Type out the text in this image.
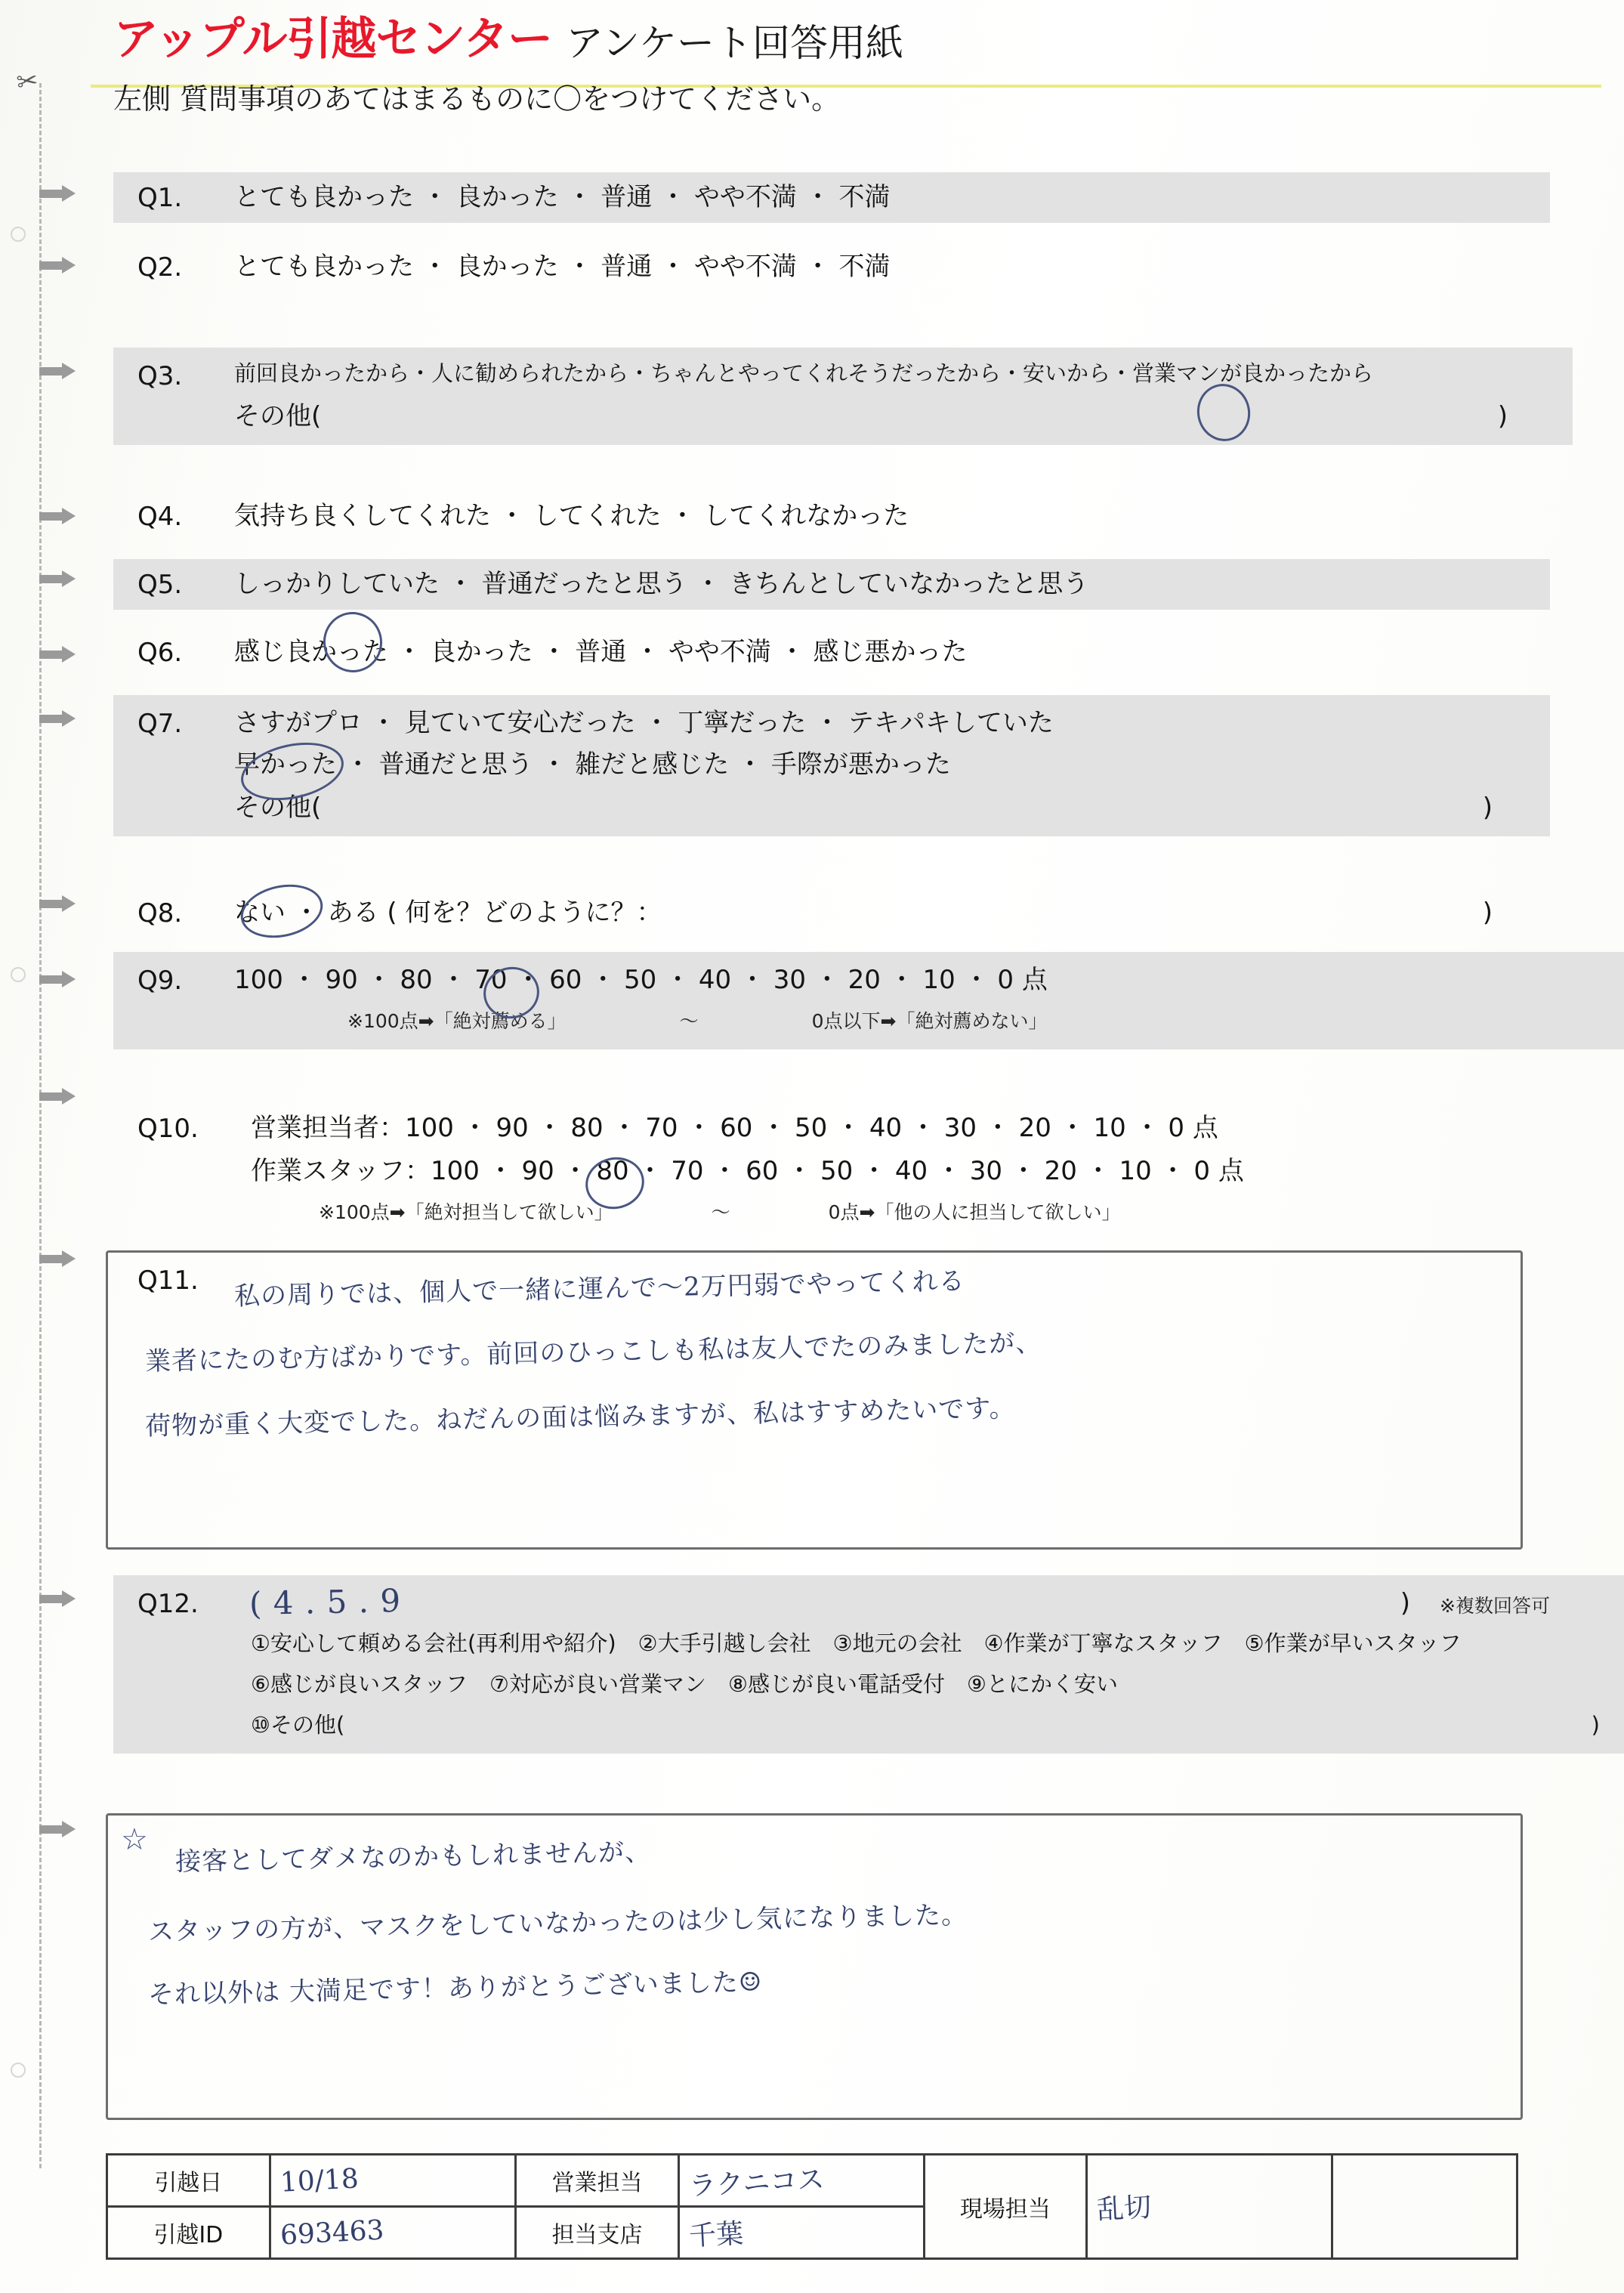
✂
アップル引越センター アンケート回答用紙
左側 質問事項のあてはまるものに〇をつけてください。
Q1.	とても良かった ・ 良かった ・ 普通 ・ やや不満 ・ 不満
Q2.	とても良かった ・ 良かった ・ 普通 ・ やや不満 ・ 不満
Q3.	前回良かったから・人に勧められたから・ちゃんとやってくれそうだったから・安いから・営業マンが良かったから
その他(	)
Q4.	気持ち良くしてくれた ・ してくれた ・ してくれなかった
Q5.	しっかりしていた ・ 普通だったと思う ・ きちんとしていなかったと思う
Q6.	感じ良かった ・ 良かった ・ 普通 ・ やや不満 ・ 感じ悪かった
Q7.	さすがプロ ・ 見ていて安心だった ・ 丁寧だった ・ テキパキしていた
早かった ・ 普通だと思う ・ 雑だと感じた ・ 手際が悪かった
その他(	)
Q8.	ない ・ ある ( 何を？どのように？：	)
Q9.	100 ・ 90 ・ 80 ・ 70 ・ 60 ・ 50 ・ 40 ・ 30 ・ 20 ・ 10 ・ 0 点
※100点➡「絶対薦める」	〜	0点以下➡「絶対薦めない」
Q10.	営業担当者：100 ・ 90 ・ 80 ・ 70 ・ 60 ・ 50 ・ 40 ・ 30 ・ 20 ・ 10 ・ 0 点
作業スタッフ：100 ・ 90 ・ 80 ・ 70 ・ 60 ・ 50 ・ 40 ・ 30 ・ 20 ・ 10 ・ 0 点
※100点➡「絶対担当して欲しい」	〜	0点➡「他の人に担当して欲しい」
Q11. 私の周りでは、個人で一緒に運んで〜2万円弱でやってくれる
業者にたのむ方ばかりです。前回のひっこしも私は友人でたのみましたが、
荷物が重く大変でした。ねだんの面は悩みますが、私はすすめたいです。
Q12.	) ※複数回答可
①安心して頼める会社(再利用や紹介)　②大手引越し会社　③地元の会社　④作業が丁寧なスタッフ　⑤作業が早いスタッフ
⑥感じが良いスタッフ　⑦対応が良い営業マン　⑧感じが良い電話受付　⑨とにかく安い
⑩その他(	)
( 4 . 5 . 9
☆ 接客としてダメなのかもしれませんが、
スタッフの方が、マスクをしていなかったのは少し気になりました。
それ以外は 大満足です！ありがとうございました☺
引越日	10/18	営業担当	ラクニコス	現場担当	乱切	
引越ID	693463	担当支店	千葉			
